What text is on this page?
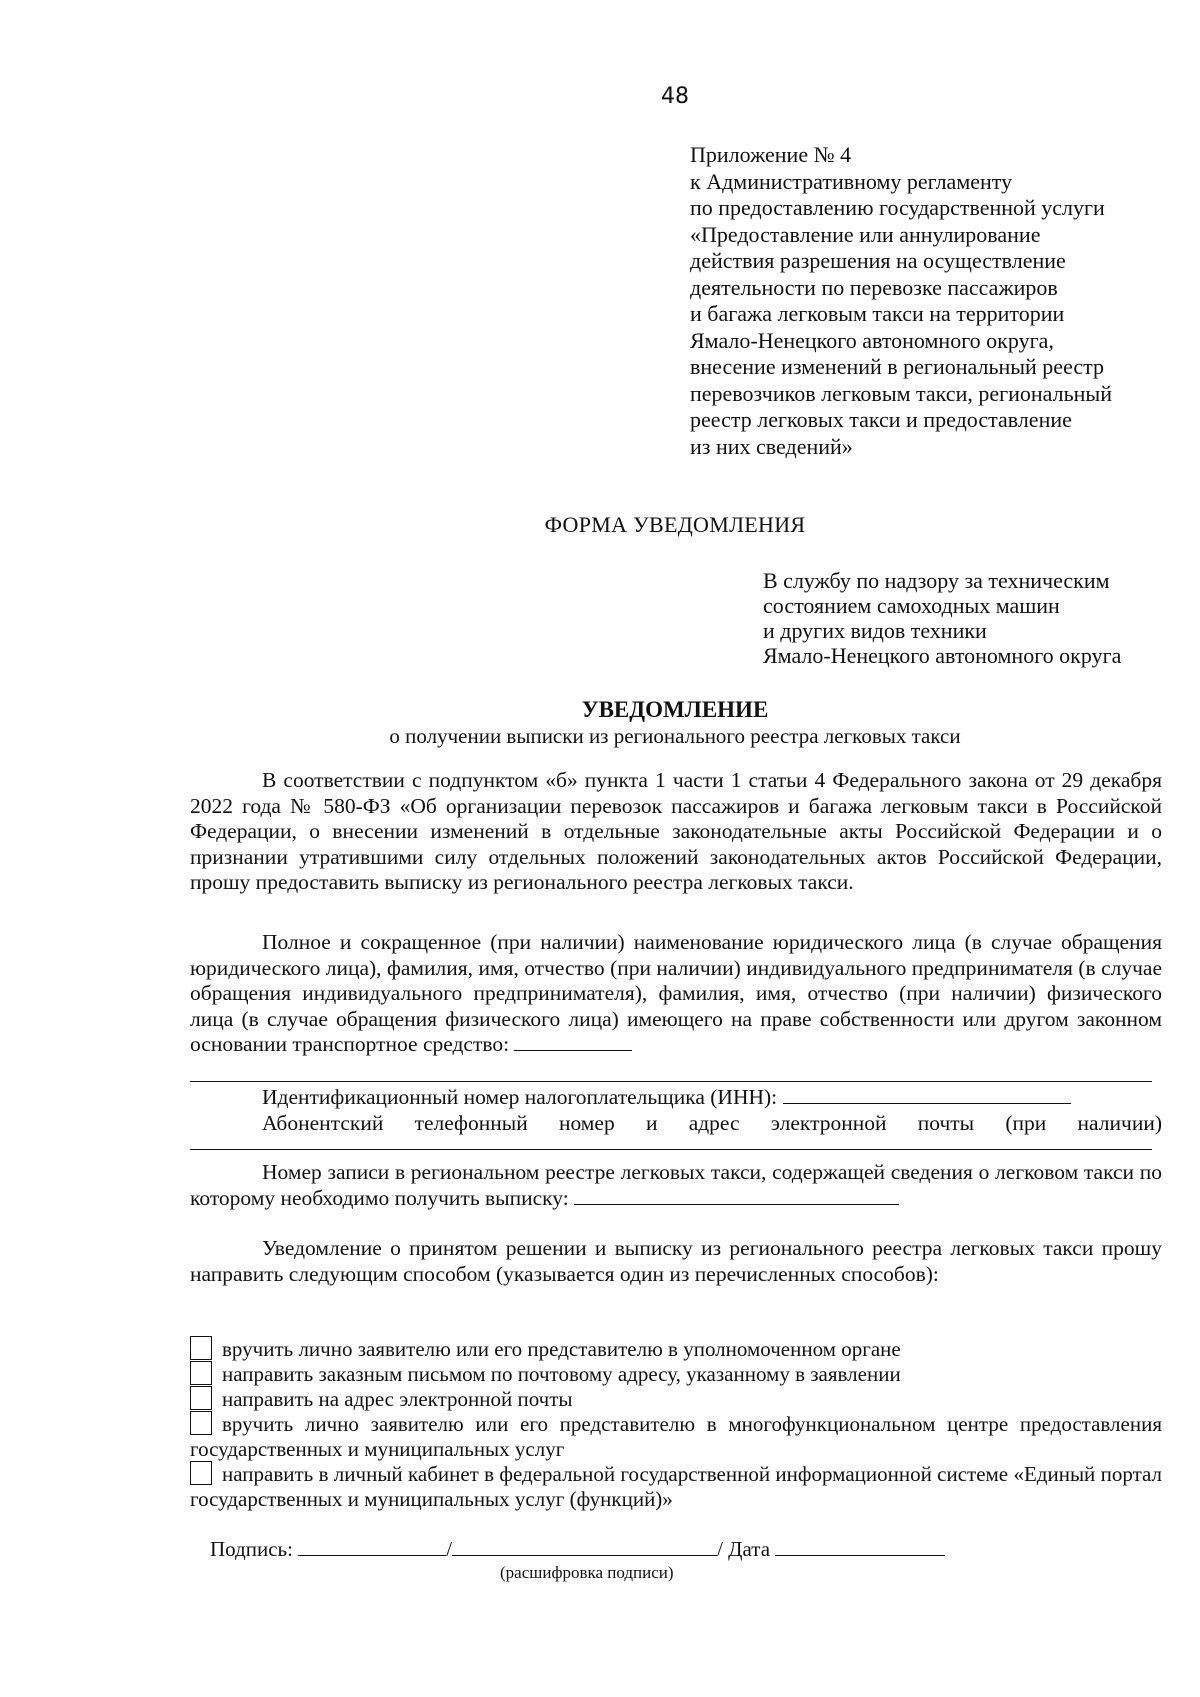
48
Приложение № 4
к Административному регламенту
по предоставлению государственной услуги
«Предоставление или аннулирование
действия разрешения на осуществление
деятельности по перевозке пассажиров
и багажа легковым такси на территории
Ямало-Ненецкого автономного округа,
внесение изменений в региональный реестр
перевозчиков легковым такси, региональный
реестр легковых такси и предоставление
из них сведений»
ФОРМА УВЕДОМЛЕНИЯ
В службу по надзору за техническим
состоянием самоходных машин
и других видов техники
Ямало-Ненецкого автономного округа
УВЕДОМЛЕНИЕ
о получении выписки из регионального реестра легковых такси
В соответствии с подпунктом «б» пункта 1 части 1 статьи 4 Федерального закона от 29 декабря 2022 года № 580-ФЗ «Об организации перевозок пассажиров и багажа легковым такси в Российской Федерации, о внесении изменений в отдельные законодательные акты Российской Федерации и о признании утратившими силу отдельных положений законодательных актов Российской Федерации, прошу предоставить выписку из регионального реестра легковых такси.
Полное и сокращенное (при наличии) наименование юридического лица (в случае обращения юридического лица), фамилия, имя, отчество (при наличии) индивидуального предпринимателя (в случае обращения индивидуального предпринимателя), фамилия, имя, отчество (при наличии) физического лица (в случае обращения физического лица) имеющего на праве собственности или другом законном основании транспортное средство:
Идентификационный номер налогоплательщика (ИНН):
Абонентский телефонный номер и адрес электронной почты (при наличии)
Номер записи в региональном реестре легковых такси, содержащей сведения о легковом такси по которому необходимо получить выписку:
Уведомление о принятом решении и выписку из регионального реестра легковых такси прошу направить следующим способом (указывается один из перечисленных способов):
вручить лично заявителю или его представителю в уполномоченном органе
направить заказным письмом по почтовому адресу, указанному в заявлении
направить на адрес электронной почты
вручить лично заявителю или его представителю в многофункциональном центре предоставления государственных и муниципальных услуг
направить в личный кабинет в федеральной государственной информационной системе «Единый портал государственных и муниципальных услуг (функций)»
Подпись:	/	/ Дата
(расшифровка подписи)
